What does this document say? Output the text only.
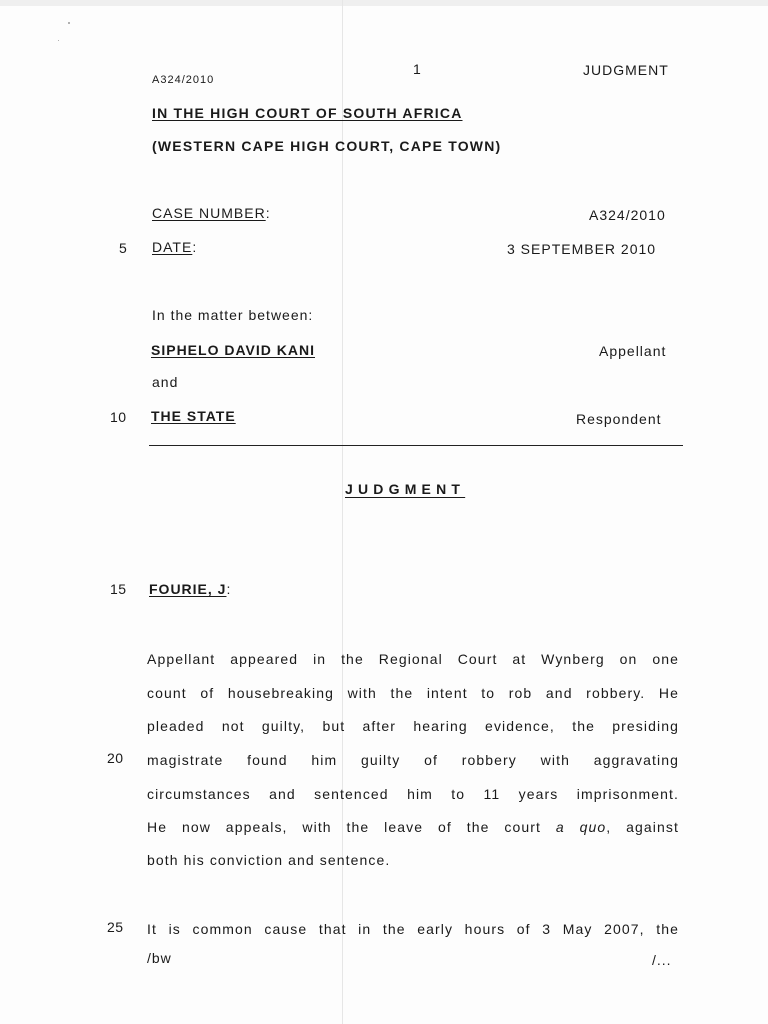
A324/2010
1	JUDGMENT
IN THE HIGH COURT OF SOUTH AFRICA
(WESTERN CAPE HIGH COURT, CAPE TOWN)
CASE NUMBER:	A324/2010
5 DATE:	3 SEPTEMBER 2010
In the matter between:
SIPHELO DAVID KANI	Appellant
and
10 THE STATE	Respondent
JUDGMENT
15 FOURIE, J:
Appellant appeared in the Regional Court at Wynberg on one
count of housebreaking with the intent to rob and robbery. He
pleaded not guilty, but after hearing evidence, the presiding
20 magistrate found him guilty of robbery with aggravating
circumstances and sentenced him to 11 years imprisonment.
He now appeals, with the leave of the court a quo, against
both his conviction and sentence.
25 It is common cause that in the early hours of 3 May 2007, the
/bw	/...
